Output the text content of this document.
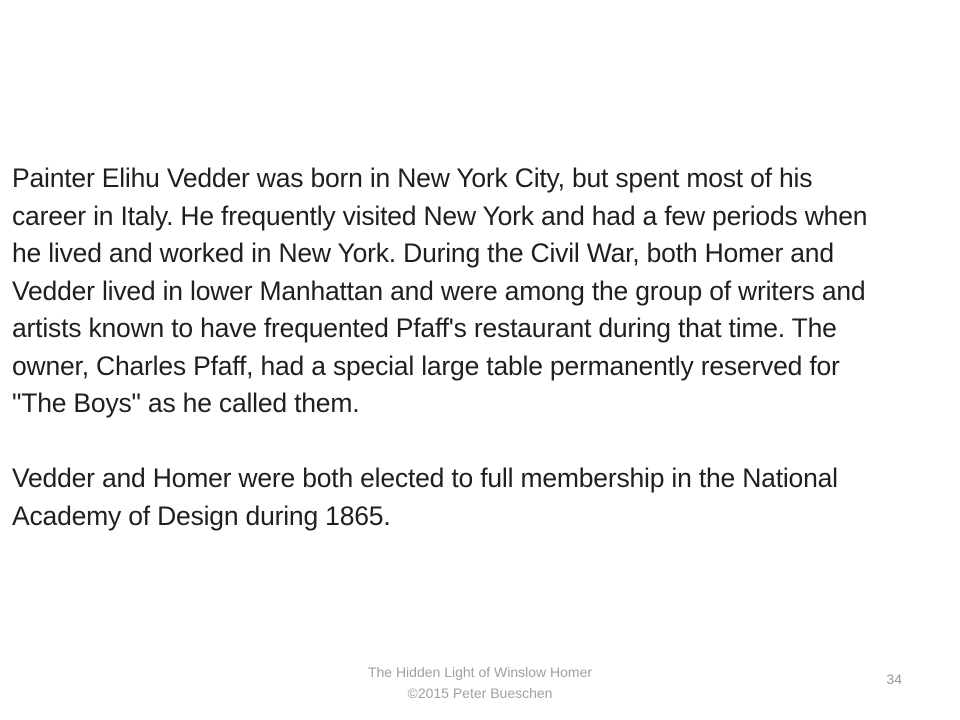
Painter Elihu Vedder was born in New York City, but spent most of his
career in Italy. He frequently visited New York and had a few periods when
he lived and worked in New York. During the Civil War, both Homer and
Vedder lived in lower Manhattan and were among the group of writers and
artists known to have frequented Pfaff's restaurant during that time. The
owner, Charles Pfaff, had a special large table permanently reserved for
"The Boys" as he called them.
Vedder and Homer were both elected to full membership in the National
Academy of Design during 1865.
The Hidden Light of Winslow Homer
©2015 Peter Bueschen
34
